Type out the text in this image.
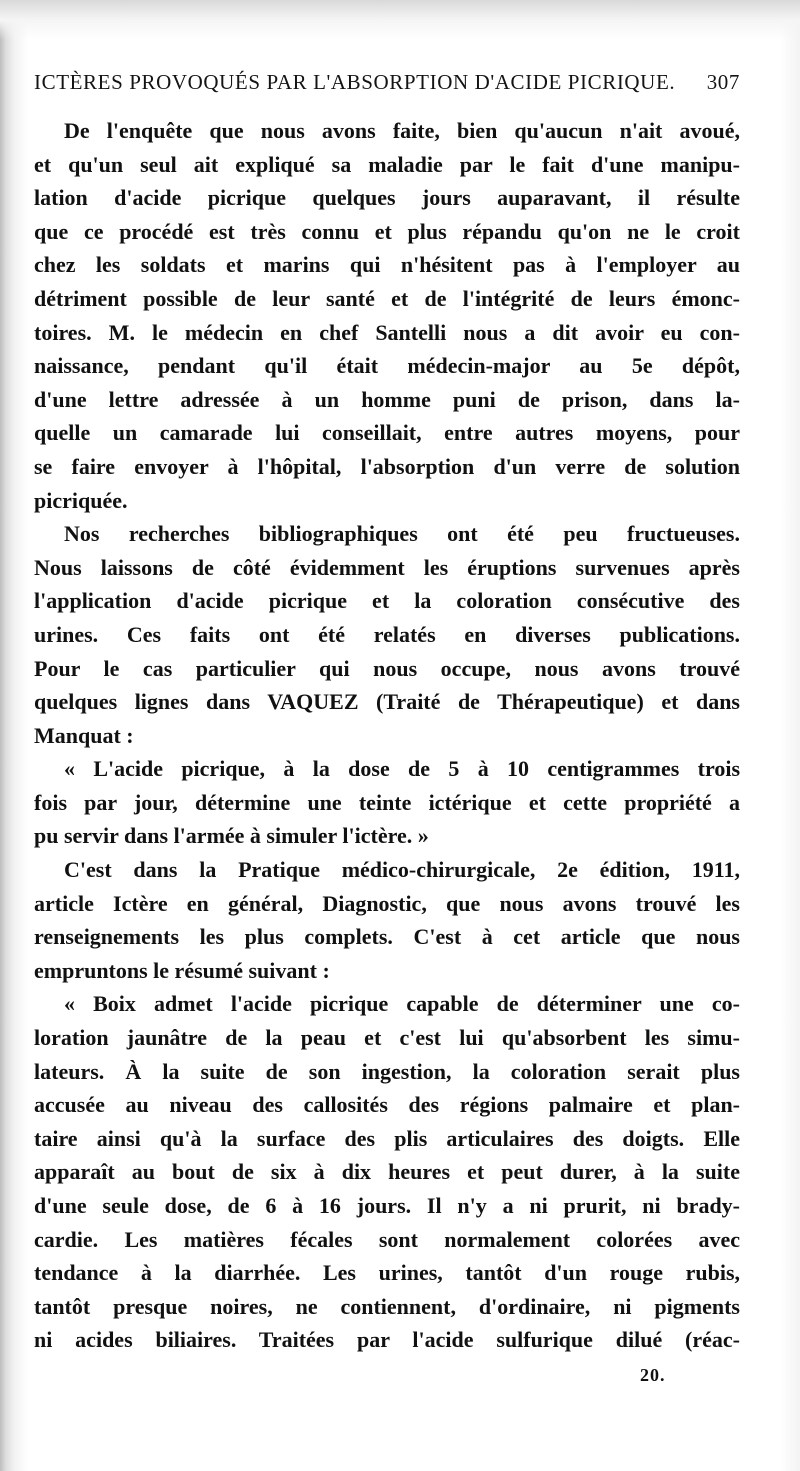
ICTÈRES PROVOQUÉS PAR L'ABSORPTION D'ACIDE PICRIQUE. 307
De l'enquête que nous avons faite, bien qu'aucun n'ait avoué,
et qu'un seul ait expliqué sa maladie par le fait d'une manipu-
lation d'acide picrique quelques jours auparavant, il résulte
que ce procédé est très connu et plus répandu qu'on ne le croit
chez les soldats et marins qui n'hésitent pas à l'employer au
détriment possible de leur santé et de l'intégrité de leurs émonc-
toires. M. le médecin en chef Santelli nous a dit avoir eu con-
naissance, pendant qu'il était médecin-major au 5e dépôt,
d'une lettre adressée à un homme puni de prison, dans la-
quelle un camarade lui conseillait, entre autres moyens, pour
se faire envoyer à l'hôpital, l'absorption d'un verre de solution
picriquée.
Nos recherches bibliographiques ont été peu fructueuses.
Nous laissons de côté évidemment les éruptions survenues après
l'application d'acide picrique et la coloration consécutive des
urines. Ces faits ont été relatés en diverses publications.
Pour le cas particulier qui nous occupe, nous avons trouvé
quelques lignes dans VAQUEZ (Traité de Thérapeutique) et dans
Manquat :
« L'acide picrique, à la dose de 5 à 10 centigrammes trois
fois par jour, détermine une teinte ictérique et cette propriété a
pu servir dans l'armée à simuler l'ictère. »
C'est dans la Pratique médico-chirurgicale, 2e édition, 1911,
article Ictère en général, Diagnostic, que nous avons trouvé les
renseignements les plus complets. C'est à cet article que nous
empruntons le résumé suivant :
« Boix admet l'acide picrique capable de déterminer une co-
loration jaunâtre de la peau et c'est lui qu'absorbent les simu-
lateurs. À la suite de son ingestion, la coloration serait plus
accusée au niveau des callosités des régions palmaire et plan-
taire ainsi qu'à la surface des plis articulaires des doigts. Elle
apparaît au bout de six à dix heures et peut durer, à la suite
d'une seule dose, de 6 à 16 jours. Il n'y a ni prurit, ni brady-
cardie. Les matières fécales sont normalement colorées avec
tendance à la diarrhée. Les urines, tantôt d'un rouge rubis,
tantôt presque noires, ne contiennent, d'ordinaire, ni pigments
ni acides biliaires. Traitées par l'acide sulfurique dilué (réac-
20.
